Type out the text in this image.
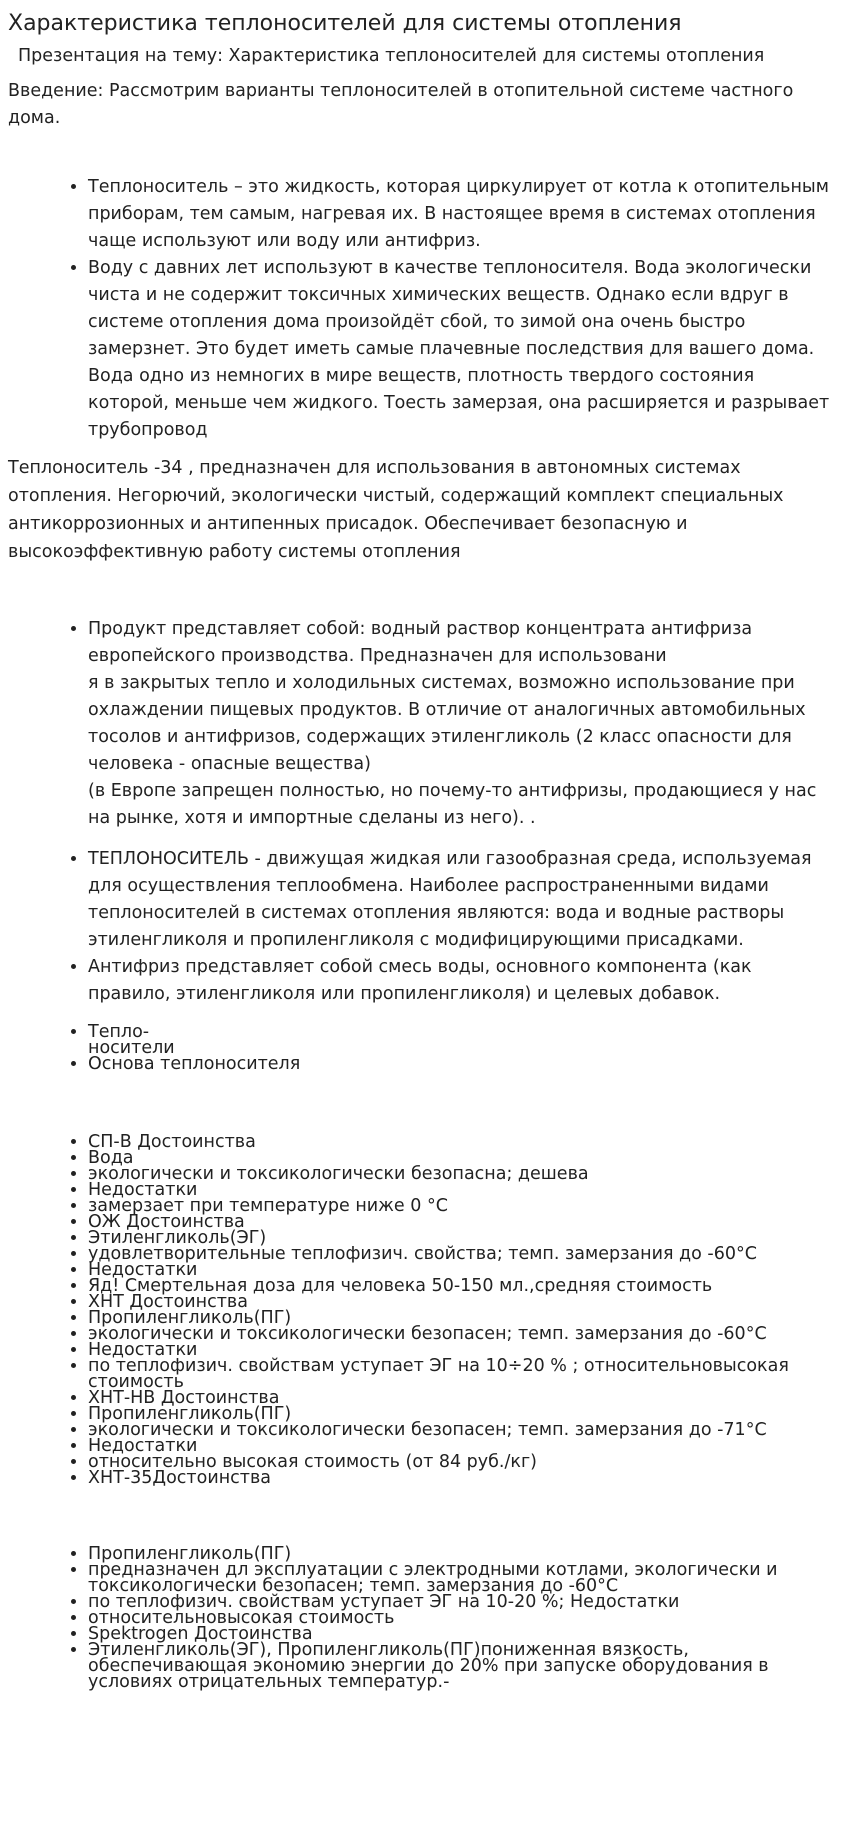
Характеристика теплоносителей для системы отопления
Презентация на тему: Характеристика теплоносителей для системы отопления

Введение: Рассмотрим варианты теплоносителей в отопительной системе частного дома.

• Теплоноситель – это жидкость, которая циркулирует от котла к отопительным приборам, тем самым, нагревая их. В настоящее время в системах отопления чаще используют или воду или антифриз.
• Воду с давних лет используют в качестве теплоносителя. Вода экологически чиста и не содержит токсичных химических веществ. Однако если вдруг в системе отопления дома произойдёт сбой, то зимой она очень быстро замерзнет. Это будет иметь самые плачевные последствия для вашего дома. Вода одно из немногих в мире веществ, плотность твердого состояния которой, меньше чем жидкого. Тоесть замерзая, она расширяется и разрывает трубопровод

Теплоноситель -34 , предназначен для использования в автономных системах отопления. Негорючий, экологически чистый, содержащий комплект специальных антикоррозионных и антипенных присадок. Обеспечивает безопасную и высокоэффективную работу системы отопления

• Продукт представляет собой: водный раствор концентрата антифриза европейского производства. Предназначен для использовани
я в закрытых тепло и холодильных системах, возможно использование при охлаждении пищевых продуктов. В отличие от аналогичных автомобильных тосолов и антифризов, содержащих этиленгликоль (2 класс опасности для человека - опасные вещества)
(в Европе запрещен полностью, но почему-то антифризы, продающиеся у нас на рынке, хотя и импортные сделаны из него). .
• ТЕПЛОНОСИТЕЛЬ - движущая жидкая или газообразная среда, используемая для осуществления теплообмена. Наиболее распространенными видами теплоносителей в системах отопления являются: вода и водные растворы этиленгликоля и пропиленгликоля с модифицирующими присадками.
• Антифриз представляет собой смесь воды, основного компонента (как правило, этиленгликоля или пропиленгликоля) и целевых добавок.
• Тепло-
носители
• Основа теплоносителя
• СП-В Достоинства
• Вода
• экологически и токсикологически безопасна; дешева
• Недостатки
• замерзает при температуре ниже 0 °С
• ОЖ Достоинства
• Этиленгликоль(ЭГ)
• удовлетворительные теплофизич. свойства; темп. замерзания до -60°С
• Недостатки
• Яд! Смертельная доза для человека 50-150 мл.,средняя стоимость
• ХНТ Достоинства
• Пропиленгликоль(ПГ)
• экологически и токсикологически безопасен; темп. замерзания до -60°С
• Недостатки
• по теплофизич. свойствам уступает ЭГ на 10÷20 % ; относительновысокая стоимость
• ХНТ-НВ Достоинства
• Пропиленгликоль(ПГ)
• экологически и токсикологически безопасен; темп. замерзания до -71°С
• Недостатки
• относительно высокая стоимость (от 84 руб./кг)
• ХНТ-35Достоинства
• Пропиленгликоль(ПГ)
• предназначен дл эксплуатации с электродными котлами, экологически и токсикологически безопасен; темп. замерзания до -60°С
• по теплофизич. свойствам уступает ЭГ на 10-20 %; Недостатки
• относительновысокая стоимость
• Spektrogen Достоинства
• Этиленгликоль(ЭГ), Пропиленгликоль(ПГ)пониженная вязкость, обеспечивающая экономию энергии до 20% при запуске оборудования в условиях отрицательных температур.-
